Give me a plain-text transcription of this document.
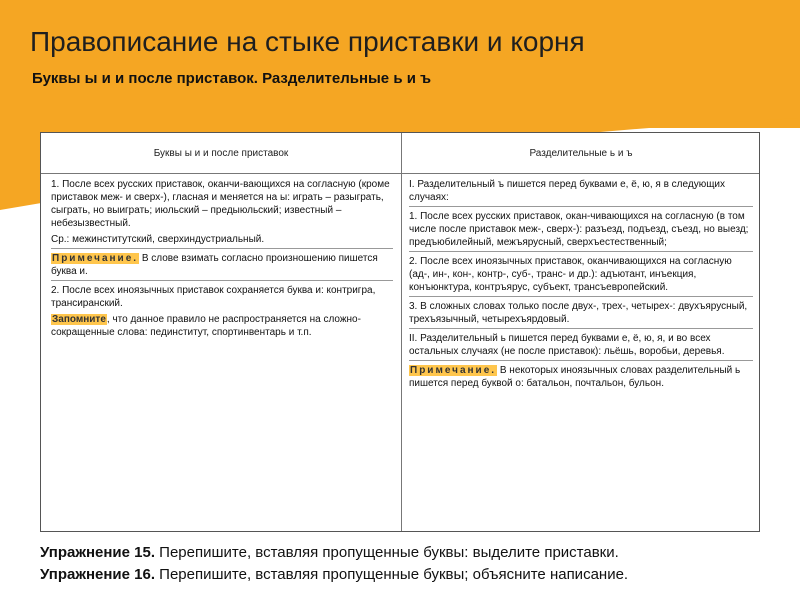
Правописание на стыке приставки и корня
Буквы ы и и после приставок. Разделительные ь и ъ
Буквы ы и и после приставок	Разделительные ь и ъ

1. После всех русских приставок, оканчи-вающихся на согласную (кроме приставок меж- и сверх-), гласная и меняется на ы: играть – разыграть, сыграть, но выиграть; июльский – предыюльский; известный – небезызвестный.

Ср.: межинститутский, сверхиндустриальный.

Примечание. В слове взимать согласно произношению пишется буква и.

2. После всех иноязычных приставок сохраняется буква и: контригра, трансиранский.

Запомните, что данное правило не распространяется на сложно-сокращенные слова: пединститут, спортинвентарь и т.п.

I. Разделительный ъ пишется перед буквами е, ё, ю, я в следующих случаях:

1. После всех русских приставок, окан-чивающихся на согласную (в том числе после приставок меж-, сверх-): разъезд, подъезд, съезд, но выезд; предъюбилейный, межъярусный, сверхъестественный;

2. После всех иноязычных приставок, оканчивающихся на согласную (ад-, ин-, кон-, контр-, суб-, транс- и др.): адъютант, инъекция, конъюнктура, контръярус, субъект, трансъевропейский.

3. В сложных словах только после двух-, трех-, четырех-: двухъярусный, трехъязычный, четырехъярдовый.

II. Разделительный ь пишется перед буквами е, ё, ю, я, и во всех остальных случаях (не после приставок): льёшь, воробьи, деревья.

Примечание. В некоторых иноязычных словах разделительный ь пишется перед буквой о: батальон, почтальон, бульон.

Упражнение 15. Перепишите, вставляя пропущенные буквы: выделите приставки.
Упражнение 16. Перепишите, вставляя пропущенные буквы; объясните написание.
